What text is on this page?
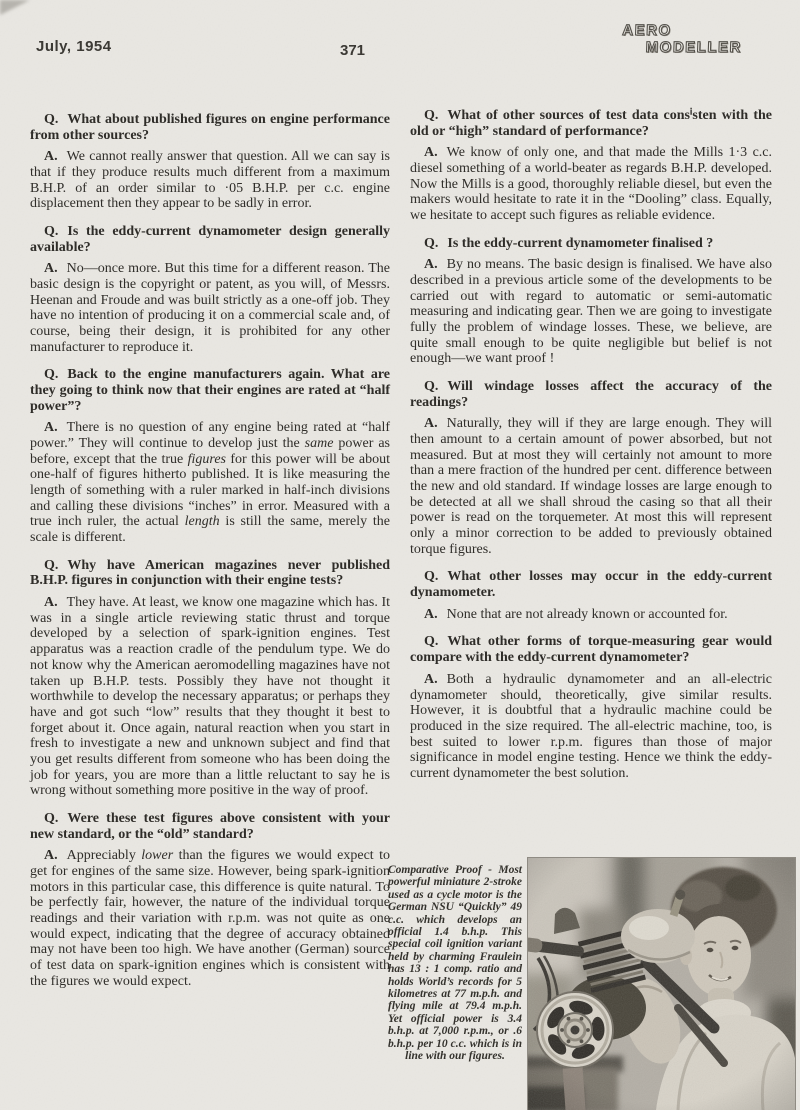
July, 1954	371
AERO
MODELLER

Q. What about published figures on engine performance from other sources?

A. We cannot really answer that question. All we can say is that if they produce results much different from a maximum B.H.P. of an order similar to ·05 B.H.P. per c.c. engine displacement then they appear to be sadly in error.

Q. Is the eddy-current dynamometer design generally available?

A. No—once more. But this time for a different reason. The basic design is the copyright or patent, as you will, of Messrs. Heenan and Froude and was built strictly as a one-off job. They have no intention of producing it on a commercial scale and, of course, being their design, it is prohibited for any other manufacturer to reproduce it.

Q. Back to the engine manufacturers again. What are they going to think now that their engines are rated at “half power”?

A. There is no question of any engine being rated at “half power.” They will continue to develop just the same power as before, except that the true figures for this power will be about one-half of figures hitherto published. It is like measuring the length of something with a ruler marked in half-inch divisions and calling these divisions “inches” in error. Measured with a true inch ruler, the actual length is still the same, merely the scale is different.

Q. Why have American magazines never published B.H.P. figures in conjunction with their engine tests?

A. They have. At least, we know one magazine which has. It was in a single article reviewing static thrust and torque developed by a selection of spark-ignition engines. Test apparatus was a reaction cradle of the pendulum type. We do not know why the American aeromodelling magazines have not taken up B.H.P. tests. Possibly they have not thought it worthwhile to develop the necessary apparatus; or perhaps they have and got such “low” results that they thought it best to forget about it. Once again, natural reaction when you start in fresh to investigate a new and unknown subject and find that you get results different from someone who has been doing the job for years, you are more than a little reluctant to say he is wrong without something more positive in the way of proof.

Q. Were these test figures above consistent with your new standard, or the “old” standard?

A. Appreciably lower than the figures we would expect to get for engines of the same size. However, being spark-ignition motors in this particular case, this difference is quite natural. To be perfectly fair, however, the nature of the individual torque readings and their variation with r.p.m. was not quite as one would expect, indicating that the degree of accuracy obtained may not have been too high. We have another (German) source of test data on spark-ignition engines which is consistent with the figures we would expect.

Q. What of other sources of test data consⁱsten with the old or “high” standard of performance?

A. We know of only one, and that made the Mills 1·3 c.c. diesel something of a world-beater as regards B.H.P. developed. Now the Mills is a good, thoroughly reliable diesel, but even the makers would hesitate to rate it in the “Dooling” class. Equally, we hesitate to accept such figures as reliable evidence.

Q. Is the eddy-current dynamometer finalised ?

A. By no means. The basic design is finalised. We have also described in a previous article some of the developments to be carried out with regard to automatic or semi-automatic measuring and indicating gear. Then we are going to investigate fully the problem of windage losses. These, we believe, are quite small enough to be quite negligible but belief is not enough—we want proof !

Q. Will windage losses affect the accuracy of the readings?

A. Naturally, they will if they are large enough. They will then amount to a certain amount of power absorbed, but not measured. But at most they will certainly not amount to more than a mere fraction of the hundred per cent. difference between the new and old standard. If windage losses are large enough to be detected at all we shall shroud the casing so that all their power is read on the torquemeter. At most this will represent only a minor correction to be added to previously obtained torque figures.

Q. What other losses may occur in the eddy-current dynamometer.

A. None that are not already known or accounted for.

Q. What other forms of torque-measuring gear would compare with the eddy-current dynamometer?

A. Both a hydraulic dynamometer and an all-electric dynamometer should, theoretically, give similar results. However, it is doubtful that a hydraulic machine could be produced in the size required. The all-electric machine, too, is best suited to lower r.p.m. figures than those of major significance in model engine testing. Hence we think the eddy-current dynamometer the best solution.

Comparative Proof - Most powerful miniature 2-stroke used as a cycle motor is the German NSU “Quickly” 49 c.c. which develops an official 1.4 b.h.p. This special coil ignition variant held by charming Fraulein has 13 : 1 comp. ratio and holds World’s records for 5 kilometres at 77 m.p.h. and flying mile at 79.4 m.p.h. Yet official power is 3.4 b.h.p. at 7,000 r.p.m., or .6 b.h.p. per 10 c.c. which is in line with our figures.
